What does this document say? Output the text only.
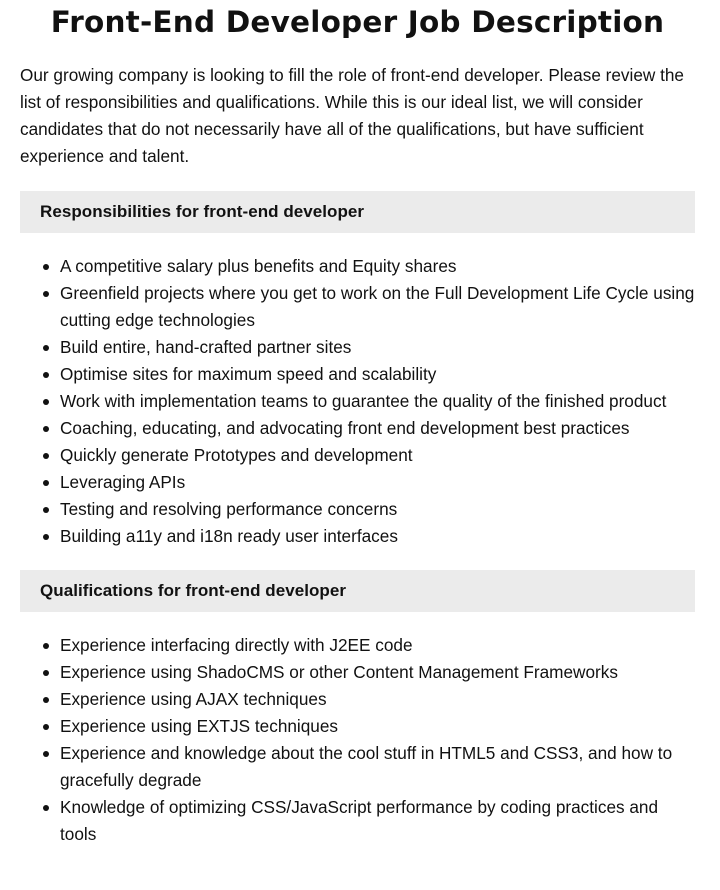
Front-End Developer Job Description

Our growing company is looking to fill the role of front-end developer. Please review the list of responsibilities and qualifications. While this is our ideal list, we will consider candidates that do not necessarily have all of the qualifications, but have sufficient experience and talent.

Responsibilities for front-end developer
A competitive salary plus benefits and Equity shares
Greenfield projects where you get to work on the Full Development Life Cycle using cutting edge technologies
Build entire, hand-crafted partner sites
Optimise sites for maximum speed and scalability
Work with implementation teams to guarantee the quality of the finished product
Coaching, educating, and advocating front end development best practices
Quickly generate Prototypes and development
Leveraging APIs
Testing and resolving performance concerns
Building a11y and i18n ready user interfaces
Qualifications for front-end developer
Experience interfacing directly with J2EE code
Experience using ShadoCMS or other Content Management Frameworks
Experience using AJAX techniques
Experience using EXTJS techniques
Experience and knowledge about the cool stuff in HTML5 and CSS3, and how to gracefully degrade
Knowledge of optimizing CSS/JavaScript performance by coding practices and tools
